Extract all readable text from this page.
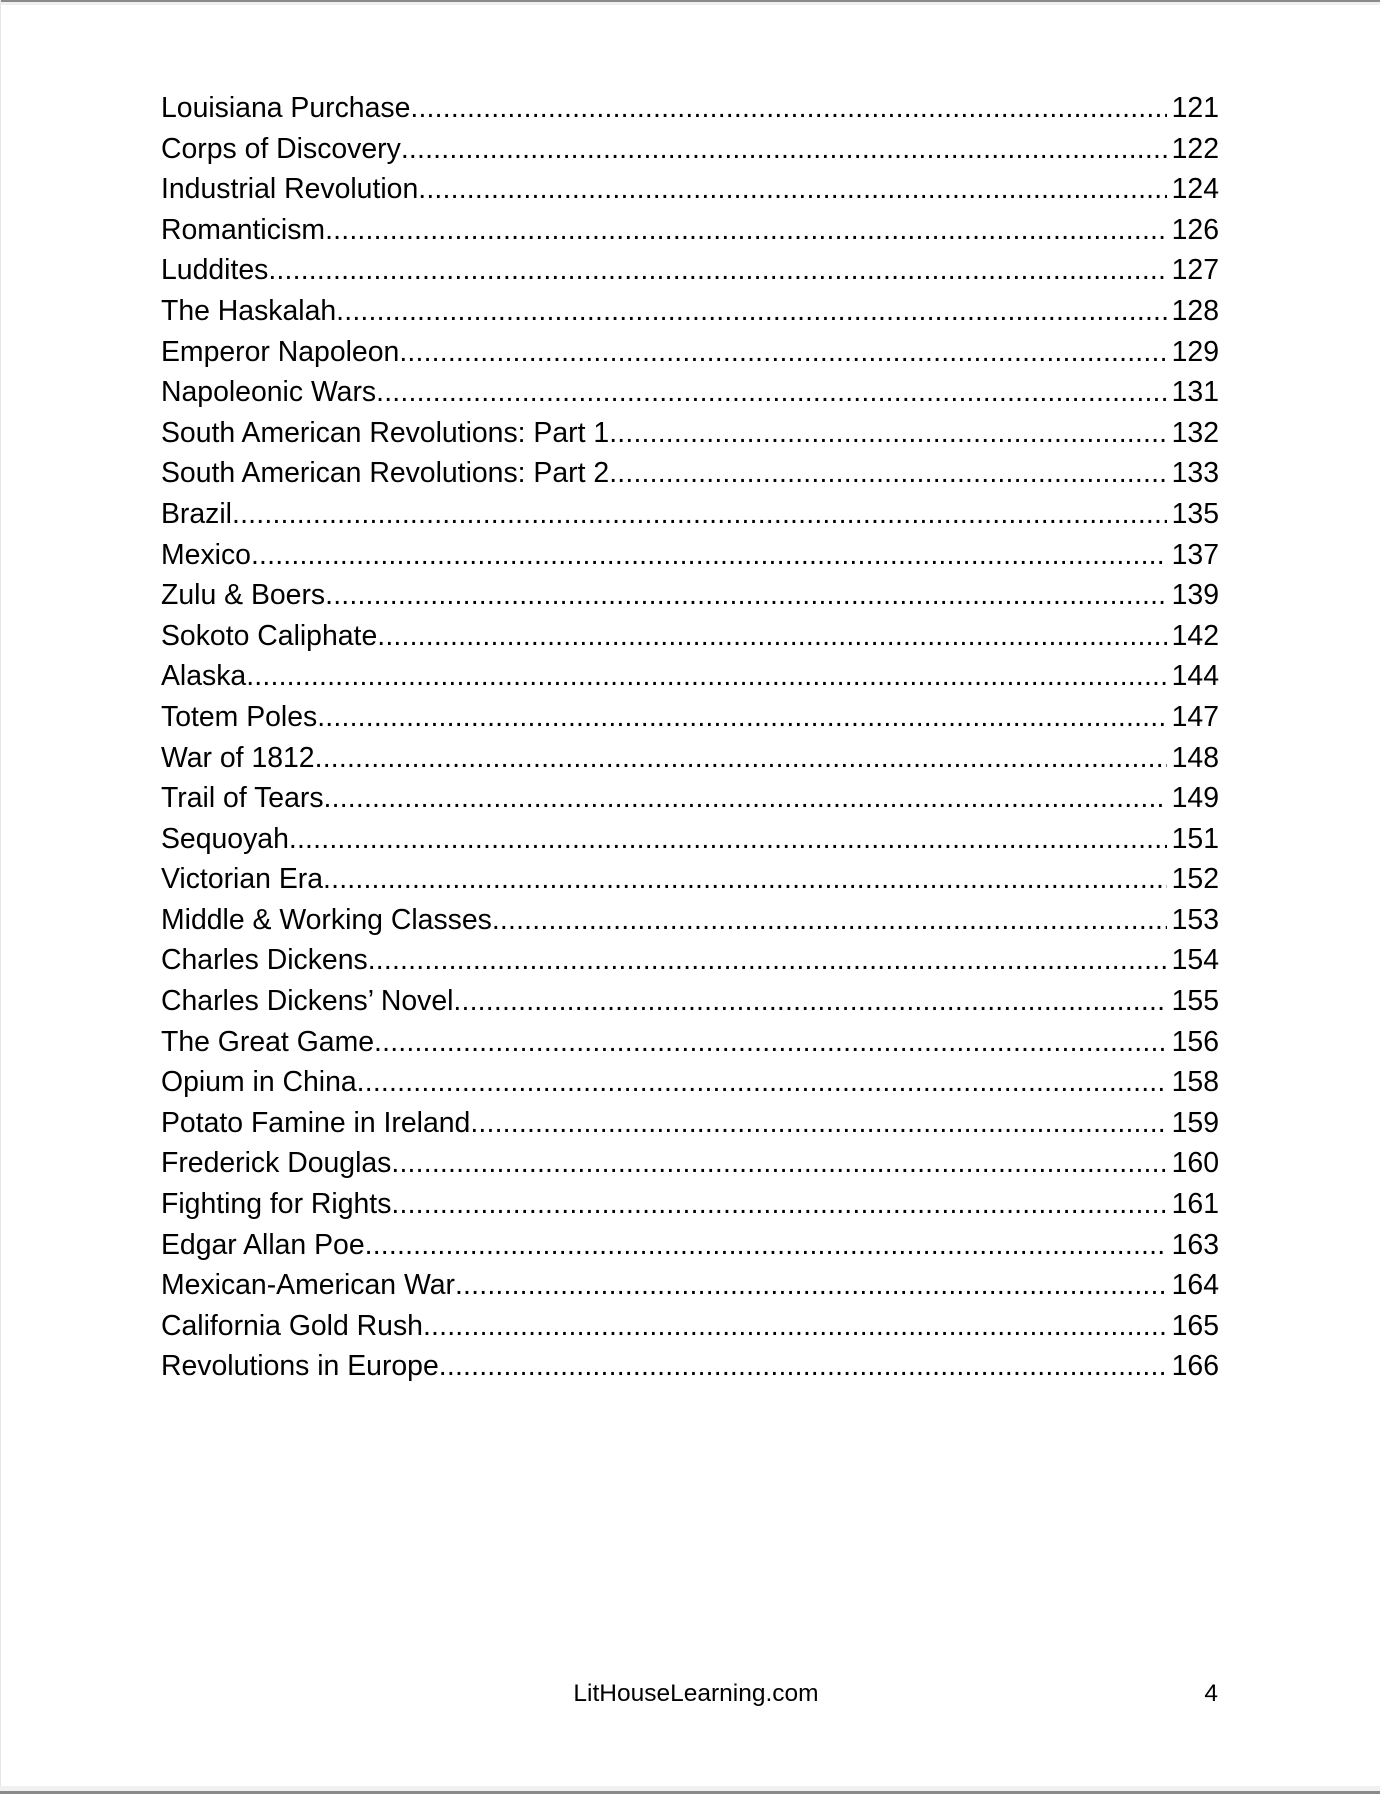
Louisiana Purchase .....	121
Corps of Discovery .....	122
Industrial Revolution .....	124
Romanticism .....	126
Luddites .....	127
The Haskalah .....	128
Emperor Napoleon .....	129
Napoleonic Wars .....	131
South American Revolutions: Part 1 .....	132
South American Revolutions: Part 2 .....	133
Brazil .....	135
Mexico .....	137
Zulu & Boers .....	139
Sokoto Caliphate .....	142
Alaska .....	144
Totem Poles .....	147
War of 1812 .....	148
Trail of Tears .....	149
Sequoyah .....	151
Victorian Era .....	152
Middle & Working Classes .....	153
Charles Dickens .....	154
Charles Dickens’ Novel .....	155
The Great Game .....	156
Opium in China .....	158
Potato Famine in Ireland .....	159
Frederick Douglas .....	160
Fighting for Rights .....	161
Edgar Allan Poe .....	163
Mexican-American War .....	164
California Gold Rush .....	165
Revolutions in Europe .....	166
LitHouseLearning.com	4
